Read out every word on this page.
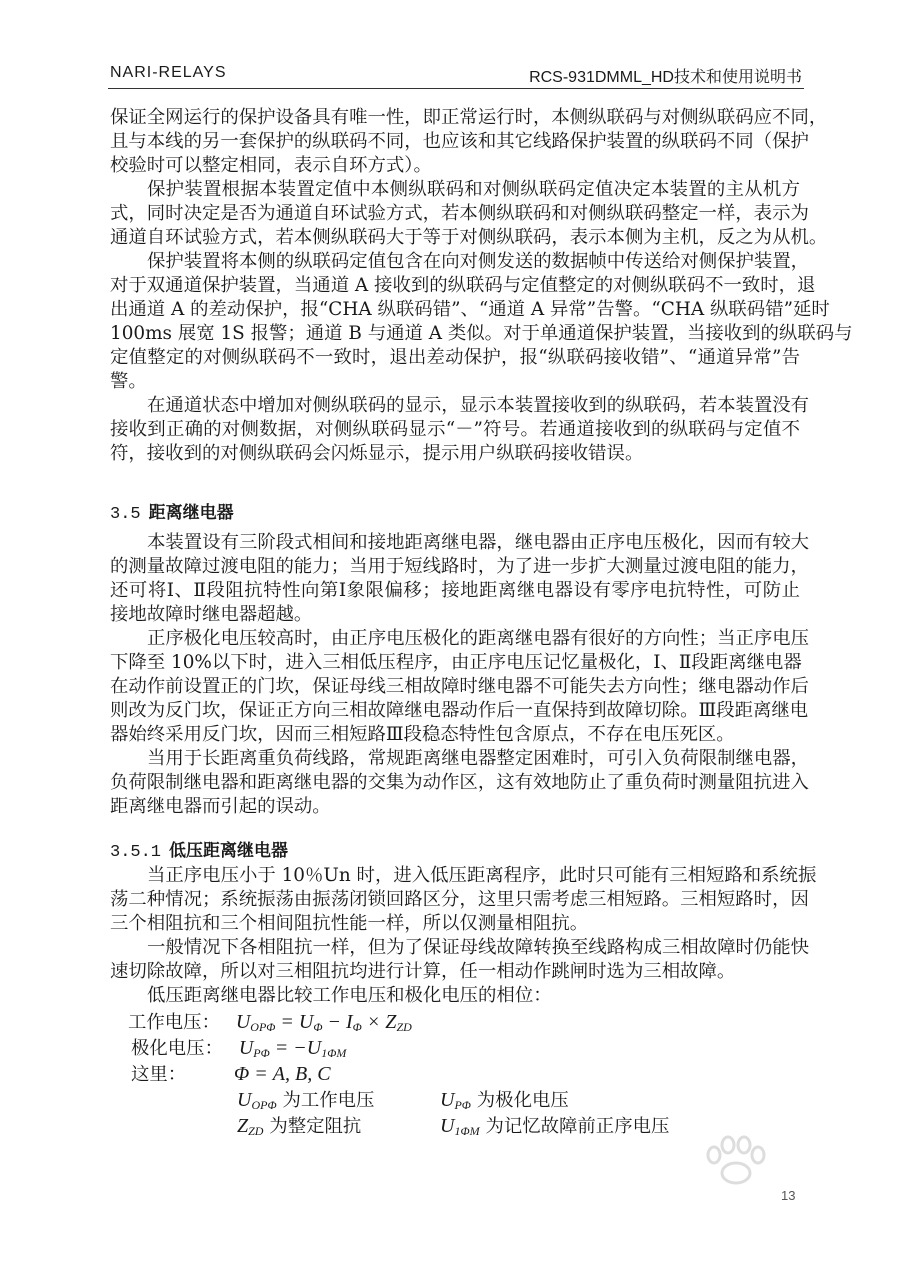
NARI-RELAYS	RCS-931DMML_HD技术和使用说明书
保证全网运行的保护设备具有唯一性，即正常运行时，本侧纵联码与对侧纵联码应不同，
且与本线的另一套保护的纵联码不同，也应该和其它线路保护装置的纵联码不同（保护
校验时可以整定相同，表示自环方式）。
保护装置根据本装置定值中本侧纵联码和对侧纵联码定值决定本装置的主从机方
式，同时决定是否为通道自环试验方式，若本侧纵联码和对侧纵联码整定一样，表示为
通道自环试验方式，若本侧纵联码大于等于对侧纵联码，表示本侧为主机，反之为从机。
保护装置将本侧的纵联码定值包含在向对侧发送的数据帧中传送给对侧保护装置，
对于双通道保护装置，当通道 A 接收到的纵联码与定值整定的对侧纵联码不一致时，退
出通道 A 的差动保护，报“CHA 纵联码错”、“通道 A 异常”告警。“CHA 纵联码错”延时
100ms 展宽 1S 报警；通道 B 与通道 A 类似。对于单通道保护装置，当接收到的纵联码与
定值整定的对侧纵联码不一致时，退出差动保护，报“纵联码接收错”、“通道异常”告
警。
在通道状态中增加对侧纵联码的显示，显示本装置接收到的纵联码，若本装置没有
接收到正确的对侧数据，对侧纵联码显示“－”符号。若通道接收到的纵联码与定值不
符，接收到的对侧纵联码会闪烁显示，提示用户纵联码接收错误。
3.5 距离继电器
本装置设有三阶段式相间和接地距离继电器，继电器由正序电压极化，因而有较大
的测量故障过渡电阻的能力；当用于短线路时，为了进一步扩大测量过渡电阻的能力，
还可将Ⅰ、Ⅱ段阻抗特性向第Ⅰ象限偏移；接地距离继电器设有零序电抗特性，可防止
接地故障时继电器超越。
正序极化电压较高时，由正序电压极化的距离继电器有很好的方向性；当正序电压
下降至 10%以下时，进入三相低压程序，由正序电压记忆量极化，Ⅰ、Ⅱ段距离继电器
在动作前设置正的门坎，保证母线三相故障时继电器不可能失去方向性；继电器动作后
则改为反门坎，保证正方向三相故障继电器动作后一直保持到故障切除。Ⅲ段距离继电
器始终采用反门坎，因而三相短路Ⅲ段稳态特性包含原点，不存在电压死区。
当用于长距离重负荷线路，常规距离继电器整定困难时，可引入负荷限制继电器，
负荷限制继电器和距离继电器的交集为动作区，这有效地防止了重负荷时测量阻抗进入
距离继电器而引起的误动。
3.5.1 低压距离继电器
当正序电压小于 10％Un 时，进入低压距离程序，此时只可能有三相短路和系统振
荡二种情况；系统振荡由振荡闭锁回路区分，这里只需考虑三相短路。三相短路时，因
三个相阻抗和三个相间阻抗性能一样，所以仅测量相阻抗。
一般情况下各相阻抗一样，但为了保证母线故障转换至线路构成三相故障时仍能快
速切除故障，所以对三相阻抗均进行计算，任一相动作跳闸时选为三相故障。
低压距离继电器比较工作电压和极化电压的相位：
工作电压： $U_{OP\Phi} = U_\Phi - I_\Phi \times Z_{ZD}$
极化电压： $U_{P\Phi} = -U_{1\Phi M}$
这里： Φ = A, B, C
$U_{OP\Phi}$ 为工作电压	$U_{P\Phi}$ 为极化电压
$Z_{ZD}$ 为整定阻抗	$U_{1\Phi M}$ 为记忆故障前正序电压
13
